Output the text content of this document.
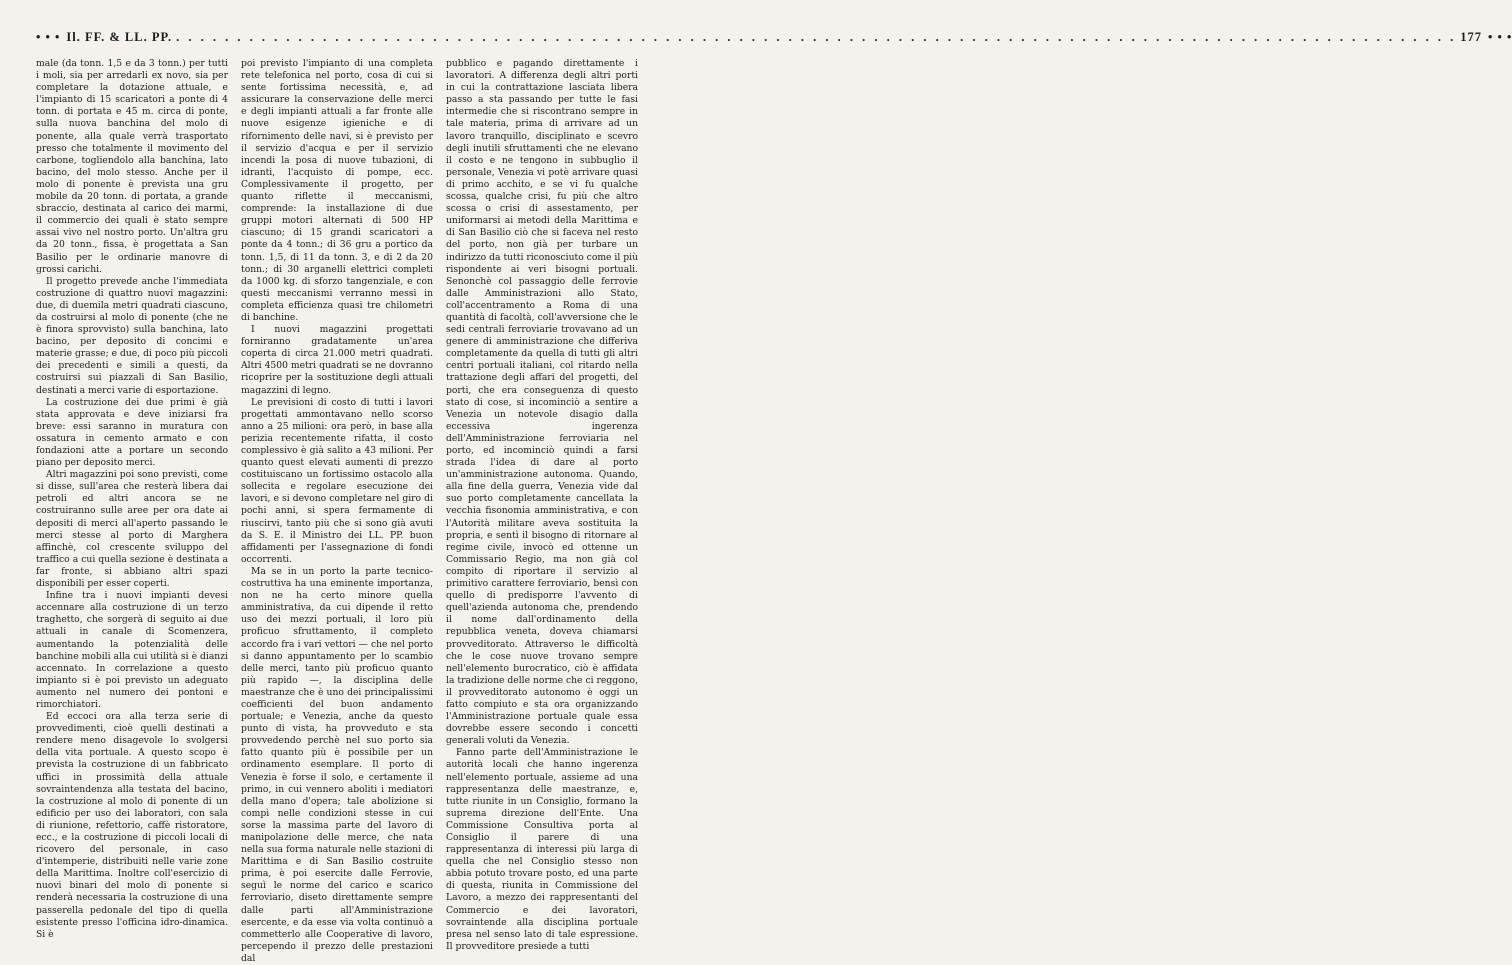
• • • Il. FF. & LL. PP.
. . .	177 • • •

male (da tonn. 1,5 e da 3 tonn.) per tutti i moli, sia per arredarli ex novo, sia per completare la dotazione attuale, e l'impianto di 15 scaricatori a ponte di 4 tonn. di portata e 45 m. circa di ponte, sulla nuova banchina del molo di ponente, alla quale verrà trasportato presso che totalmente il movimento del carbone, togliendolo alla banchina, lato bacino, del molo stesso. Anche per il molo di ponente è prevista una gru mobile da 20 tonn. di portata, a grande sbraccio, destinata al carico dei marmi, il commercio dei quali è stato sempre assai vivo nel nostro porto. Un'altra gru da 20 tonn., fissa, è progettata a San Basilio per le ordinarie manovre di grossi carichi.

Il progetto prevede anche l'immediata costruzione di quattro nuovi magazzini: due, di duemila metri quadrati ciascuno, da costruirsi al molo di ponente (che ne è finora sprovvisto) sulla banchina, lato bacino, per deposito di concimi e materie grasse; e due, di poco più piccoli dei precedenti e simili a questi, da costruirsi sui piazzali di San Basilio, destinati a merci varie di esportazione.

La costruzione dei due primi è già stata approvata e deve iniziarsi fra breve: essi saranno in muratura con ossatura in cemento armato e con fondazioni atte a portare un secondo piano per deposito merci.

Altri magazzini poi sono previsti, come si disse, sull'area che resterà libera dai petroli ed altri ancora se ne costruiranno sulle aree per ora date ai depositi di merci all'aperto passando le merci stesse al porto di Marghera affinchè, col crescente sviluppo del traffico a cui quella sezione è destinata a far fronte, si abbiano altri spazi disponibili per esser coperti.

Infine tra i nuovi impianti devesi accennare alla costruzione di un terzo traghetto, che sorgerà di seguito ai due attuali in canale di Scomenzera, aumentando la potenzialità delle banchine mobili alla cui utilità si è dianzi accennato. In correlazione a questo impianto si è poi previsto un adeguato aumento nel numero dei pontoni e rimorchiatori.

Ed eccoci ora alla terza serie di provvedimenti, cioè quelli destinati a rendere meno disagevole lo svolgersi della vita portuale. A questo scopo è prevista la costruzione di un fabbricato uffici in prossimità della attuale sovraintendenza alla testata del bacino, la costruzione al molo di ponente di un edificio per uso dei laboratori, con sala di riunione, refettorio, caffè ristoratore, ecc., e la costruzione di piccoli locali di ricovero del personale, in caso d'intemperie, distribuiti nelle varie zone della Marittima. Inoltre coll'esercizio di nuovi binari del molo di ponente si renderà necessaria la costruzione di una passerella pedonale del tipo di quella esistente presso l'officina idro-dinamica. Si è

poi previsto l'impianto di una completa rete telefonica nel porto, cosa di cui si sente fortissima necessità, e, ad assicurare la conservazione delle merci e degli impianti attuali a far fronte alle nuove esigenze igieniche e di rifornimento delle navi, si è previsto per il servizio d'acqua e per il servizio incendi la posa di nuove tubazioni, di idranti, l'acquisto di pompe, ecc. Complessivamente il progetto, per quanto riflette il meccanismi, comprende: la installazione di due gruppi motori alternati di 500 HP ciascuno; di 15 grandi scaricatori a ponte da 4 tonn.; di 36 gru a portico da tonn. 1,5, di 11 da tonn. 3, e di 2 da 20 tonn.; di 30 arganelli elettrici completi da 1000 kg. di sforzo tangenziale, e con questi meccanismi verranno messi in completa efficienza quasi tre chilometri di banchine.

I nuovi magazzini progettati forniranno gradatamente un'area coperta di circa 21.000 metri quadrati. Altri 4500 metri quadrati se ne dovranno ricoprire per la sostituzione degli attuali magazzini di legno.

Le previsioni di costo di tutti i lavori progettati ammontavano nello scorso anno a 25 milioni: ora però, in base alla perizia recentemente rifatta, il costo complessivo è già salito a 43 milioni. Per quanto quest elevati aumenti di prezzo costituiscano un fortissimo ostacolo alla sollecita e regolare esecuzione dei lavori, e si devono completare nel giro di pochi anni, si spera fermamente di riuscirvi, tanto più che si sono già avuti da S. E. il Ministro dei LL. PP. buon affidamenti per l'assegnazione di fondi occorrenti.

Ma se in un porto la parte tecnico-costruttiva ha una eminente importanza, non ne ha certo minore quella amministrativa, da cui dipende il retto uso dei mezzi portuali, il loro più proficuo sfruttamento, il completo accordo fra i vari vettori — che nel porto si danno appuntamento per lo scambio delle merci, tanto più proficuo quanto più rapido —, la disciplina delle maestranze che è uno dei principalissimi coefficienti del buon andamento portuale; e Venezia, anche da questo punto di vista, ha provveduto e sta provvedendo perchè nel suo porto sia fatto quanto più è possibile per un ordinamento esemplare. Il porto di Venezia è forse il solo, e certamente il primo, in cui vennero aboliti i mediatori della mano d'opera; tale abolizione si compì nelle condizioni stesse in cui sorse la massima parte del lavoro di manipolazione delle merce, che nata nella sua forma naturale nelle stazioni di Marittima e di San Basilio costruite prima, è poi esercite dalle Ferrovie, seguì le norme del carico e scarico ferroviario, diseto direttamente sempre dalle parti all'Amministrazione esercente, e da esse via volta continuò a commetterlo alle Cooperative di lavoro, percependo il prezzo delle prestazioni dal

pubblico e pagando direttamente i lavoratori. A differenza degli altri porti in cui la contrattazione lasciata libera passo a sta passando per tutte le fasi intermedie che si riscontrano sempre in tale materia, prima di arrivare ad un lavoro tranquillo, disciplinato e scevro degli inutili sfruttamenti che ne elevano il costo e ne tengono in subbuglio il personale, Venezia vi potè arrivare quasi di primo acchito, e se vi fu qualche scossa, qualche crisi, fu più che altro scossa o crisi di assestamento, per uniformarsi ai metodi della Marittima e di San Basilio ciò che si faceva nel resto del porto, non già per turbare un indirizzo da tutti riconosciuto come il più rispondente ai veri bisogni portuali. Senonchè col passaggio delle ferrovie dalle Amministrazioni allo Stato, coll'accentramento a Roma di una quantità di facoltà, coll'avversione che le sedi centrali ferroviarie trovavano ad un genere di amministrazione che differiva completamente da quella di tutti gli altri centri portuali italiani, col ritardo nella trattazione degli affari del progetti, del porti, che era conseguenza di questo stato di cose, si incominciò a sentire a Venezia un notevole disagio dalla eccessiva ingerenza dell'Amministrazione ferroviaria nel porto, ed incominciò quindi a farsi strada l'idea di dare al porto un'amministrazione autonoma. Quando, alla fine della guerra, Venezia vide dal suo porto completamente cancellata la vecchia fisonomia amministrativa, e con l'Autorità militare aveva sostituita la propria, e sentì il bisogno di ritornare al regime civile, invocò ed ottenne un Commissario Regio, ma non già col compito di riportare il servizio al primitivo carattere ferroviario, bensì con quello di predisporre l'avvento di quell'azienda autonoma che, prendendo il nome dall'ordinamento della repubblica veneta, doveva chiamarsi provveditorato. Attraverso le difficoltà che le cose nuove trovano sempre nell'elemento burocratico, ciò è affidata la tradizione delle norme che ci reggono, il provveditorato autonomo è oggi un fatto compiuto e sta ora organizzando l'Amministrazione portuale quale essa dovrebbe essere secondo i concetti generali voluti da Venezia.

Fanno parte dell'Amministrazione le autorità locali che hanno ingerenza nell'elemento portuale, assieme ad una rappresentanza delle maestranze, e, tutte riunite in un Consiglio, formano la suprema direzione dell'Ente. Una Commissione Consultiva porta al Consiglio il parere di una rappresentanza di interessi più larga di quella che nel Consiglio stesso non abbia potuto trovare posto, ed una parte di questa, riunita in Commissione del Lavoro, a mezzo dei rappresentanti del Commercio e dei lavoratori, sovraintende alla disciplina portuale presa nel senso lato di tale espressione. Il provveditore presiede a tutti
